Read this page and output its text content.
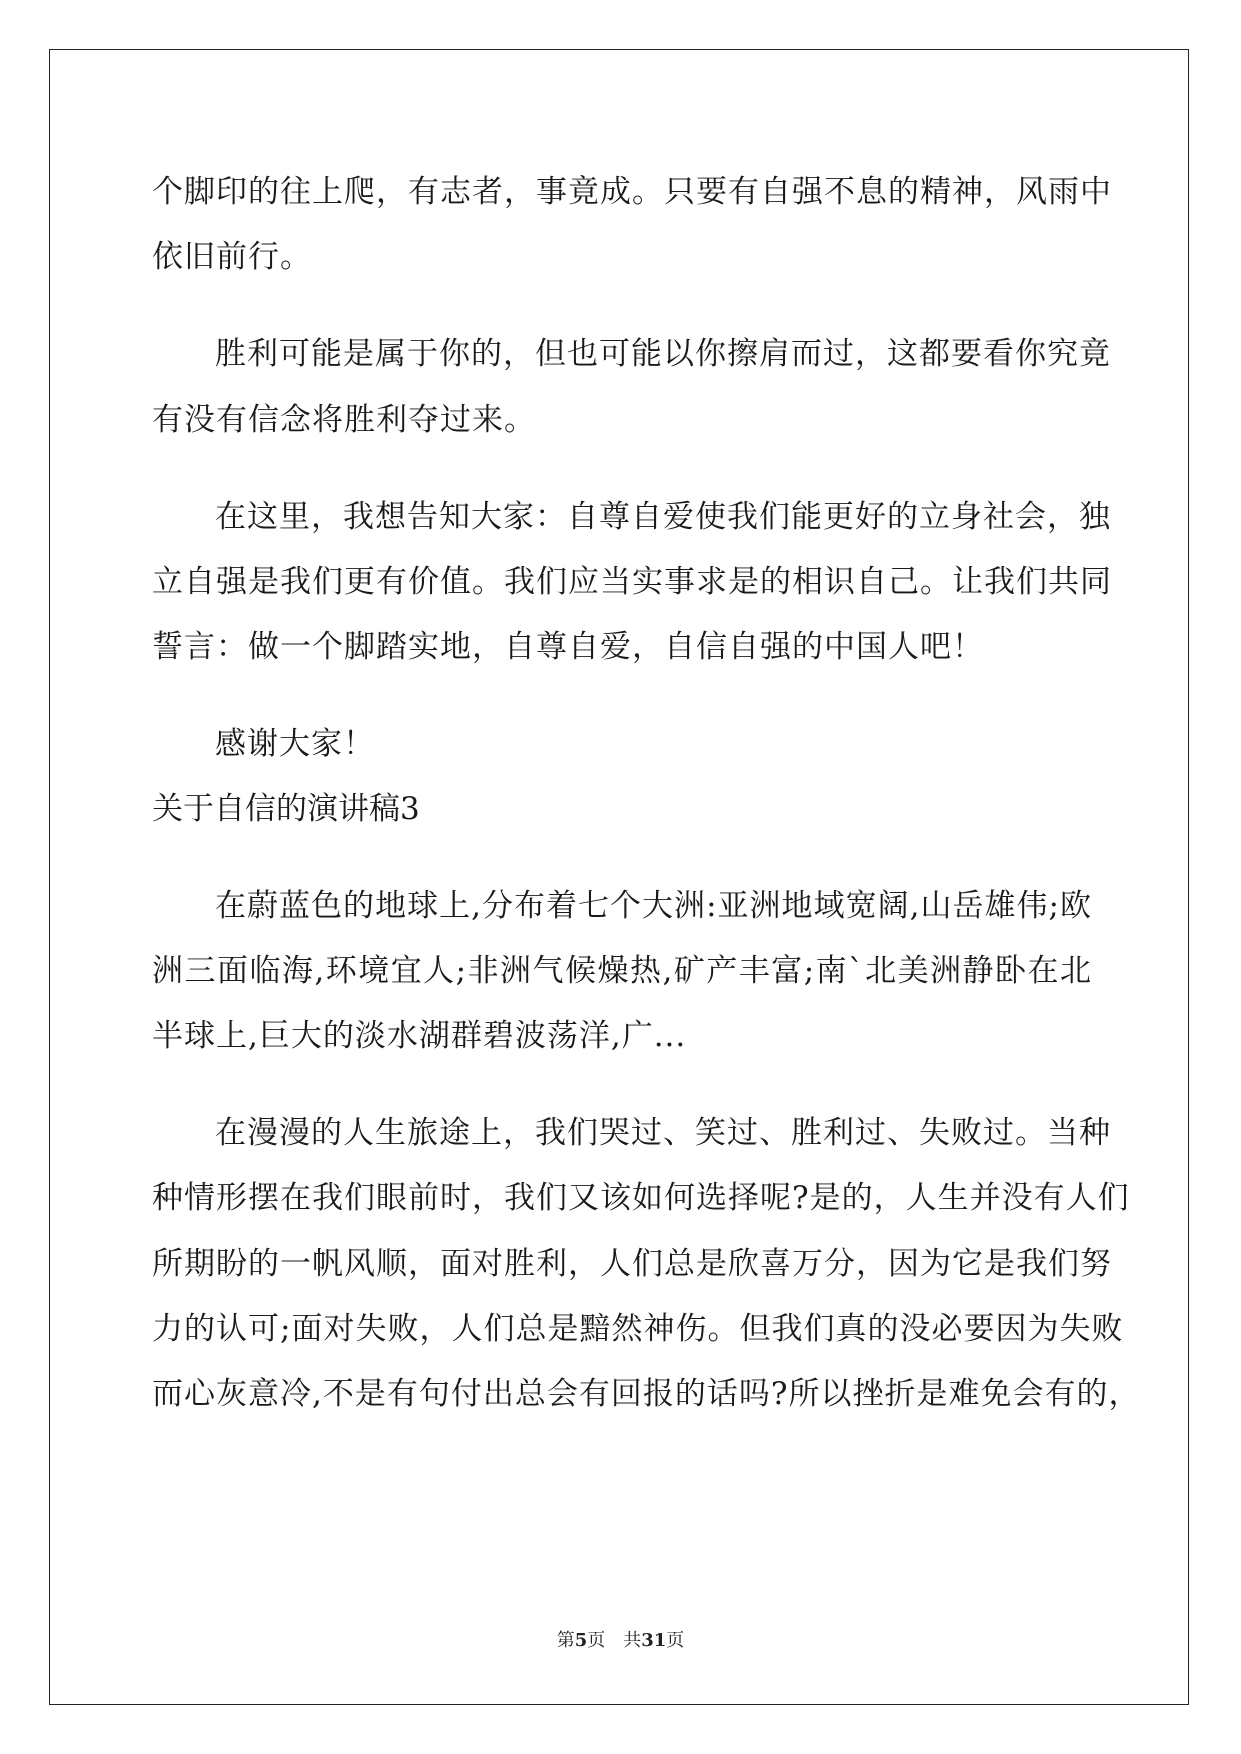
个脚印的往上爬，有志者，事竟成。只要有自强不息的精神，风雨中
依旧前行。
胜利可能是属于你的，但也可能以你擦肩而过，这都要看你究竟
有没有信念将胜利夺过来。
在这里，我想告知大家：自尊自爱使我们能更好的立身社会，独
立自强是我们更有价值。我们应当实事求是的相识自己。让我们共同
誓言：做一个脚踏实地，自尊自爱，自信自强的中国人吧！
感谢大家！
关于自信的演讲稿3
在蔚蓝色的地球上,分布着七个大洲:亚洲地域宽阔,山岳雄伟;欧
洲三面临海,环境宜人;非洲气候燥热,矿产丰富;南`北美洲静卧在北
半球上,巨大的淡水湖群碧波荡洋,广...
在漫漫的人生旅途上，我们哭过、笑过、胜利过、失败过。当种
种情形摆在我们眼前时，我们又该如何选择呢?是的，人生并没有人们
所期盼的一帆风顺，面对胜利，人们总是欣喜万分，因为它是我们努
力的认可;面对失败，人们总是黯然神伤。但我们真的没必要因为失败
而心灰意冷,不是有句付出总会有回报的话吗?所以挫折是难免会有的，
第5页 共31页
